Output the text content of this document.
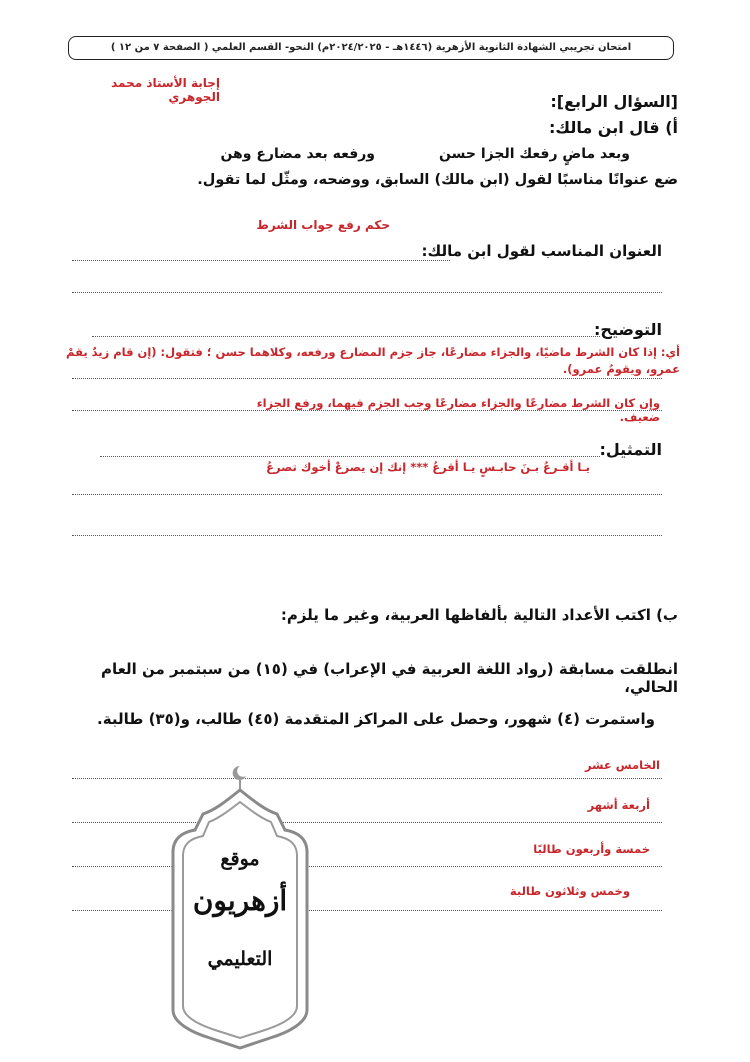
امتحان تجريبي الشهادة الثانوية الأزهرية (١٤٤٦هـ - ٢٠٢٤/٢٠٢٥م) النحو- القسم العلمي ( الصفحة ٧ من ١٢ )
إجابة الأستاذ محمد الجوهري	[السؤال الرابع]:
أ) قال ابن مالك:
وبعد ماضٍ رفعك الجزا حسن
ورفعه بعد مضارع وهن
ضع عنوانًا مناسبًا لقول (ابن مالك) السابق، ووضحه، ومثّل لما تقول.
حكم رفع جواب الشرط
العنوان المناسب لقول ابن مالك:
التوضيح:
أي: إذا كان الشرط ماضيًا، والجزاء مضارعًا، جاز جزم المضارع ورفعه، وكلاهما حسن ؛ فتقول: (إن قام زيدٌ يقمْ عمرو، ويقومُ عمرو).
وإن كان الشرط مضارعًا والجزاء مضارعًا وجب الجزم فيهما، ورفع الجزاء ضعيف.
التمثيل:
يـا أقـرعُ بـنَ حابـسٍ يـا أقرعُ *** إنك إن يصرعْ أخوك تصرعُ
ب) اكتب الأعداد التالية بألفاظها العربية، وغير ما يلزم:
انطلقت مسابقة (رواد اللغة العربية في الإعراب) في (١٥) من سبتمبر من العام الحالي،
واستمرت (٤) شهور، وحصل على المراكز المتقدمة (٤٥) طالب، و(٣٥) طالبة.
الخامس عشر
أربعة أشهر
خمسة وأربعون طالبًا
وخمس وثلاثون طالبة
موقع
أزهريون
التعليمي
